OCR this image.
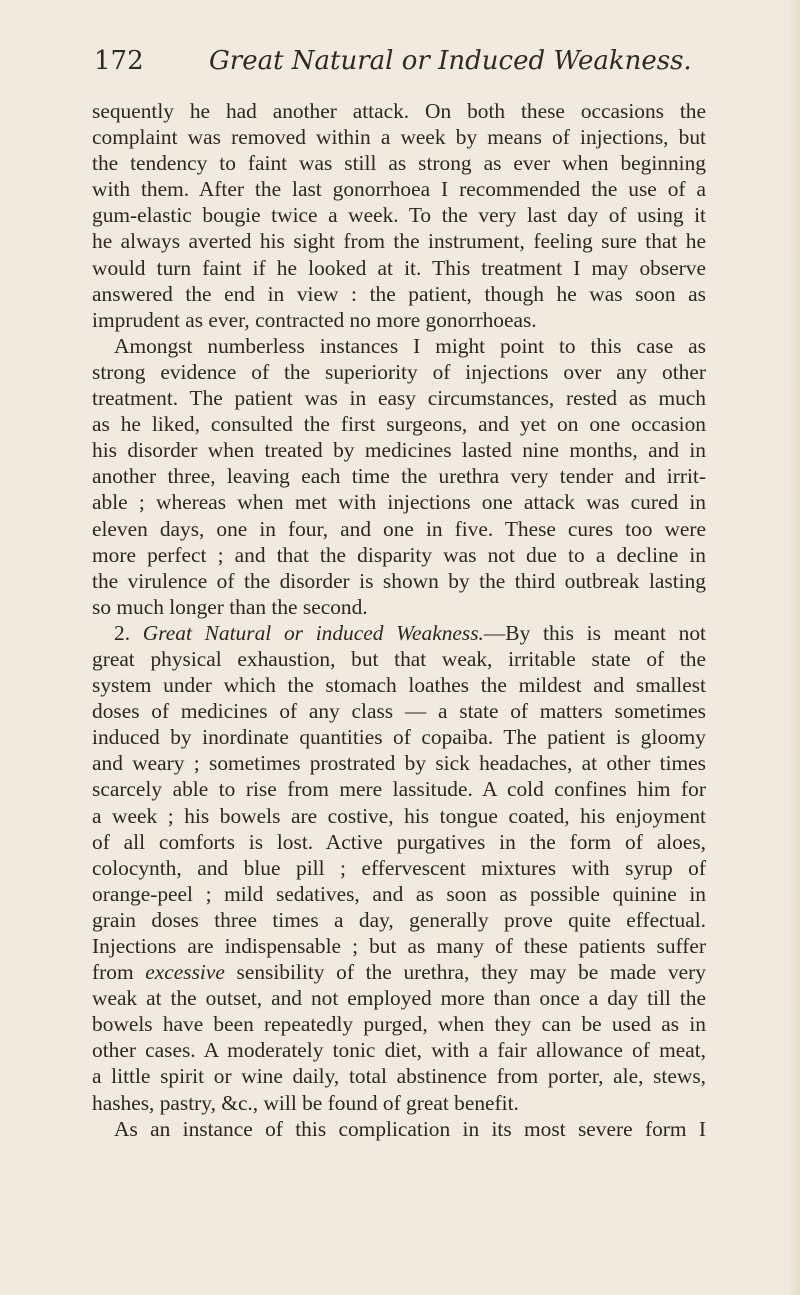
172	Great Natural or Induced Weakness.
sequently he had another attack. On both these occasions the
complaint was removed within a week by means of injections, but
the tendency to faint was still as strong as ever when beginning
with them. After the last gonorrhoea I recommended the use of a
gum-elastic bougie twice a week. To the very last day of using it
he always averted his sight from the instrument, feeling sure that he
would turn faint if he looked at it. This treatment I may observe
answered the end in view : the patient, though he was soon as
imprudent as ever, contracted no more gonorrhoeas.
Amongst numberless instances I might point to this case as
strong evidence of the superiority of injections over any other
treatment. The patient was in easy circumstances, rested as much
as he liked, consulted the first surgeons, and yet on one occasion
his disorder when treated by medicines lasted nine months, and in
another three, leaving each time the urethra very tender and irrit-
able ; whereas when met with injections one attack was cured in
eleven days, one in four, and one in five. These cures too were
more perfect ; and that the disparity was not due to a decline in
the virulence of the disorder is shown by the third outbreak lasting
so much longer than the second.
2. Great Natural or induced Weakness.—By this is meant not
great physical exhaustion, but that weak, irritable state of the
system under which the stomach loathes the mildest and smallest
doses of medicines of any class — a state of matters sometimes
induced by inordinate quantities of copaiba. The patient is gloomy
and weary ; sometimes prostrated by sick headaches, at other times
scarcely able to rise from mere lassitude. A cold confines him for
a week ; his bowels are costive, his tongue coated, his enjoyment
of all comforts is lost. Active purgatives in the form of aloes,
colocynth, and blue pill ; effervescent mixtures with syrup of
orange-peel ; mild sedatives, and as soon as possible quinine in
grain doses three times a day, generally prove quite effectual.
Injections are indispensable ; but as many of these patients suffer
from excessive sensibility of the urethra, they may be made very
weak at the outset, and not employed more than once a day till the
bowels have been repeatedly purged, when they can be used as in
other cases. A moderately tonic diet, with a fair allowance of meat,
a little spirit or wine daily, total abstinence from porter, ale, stews,
hashes, pastry, &c., will be found of great benefit.
As an instance of this complication in its most severe form I
